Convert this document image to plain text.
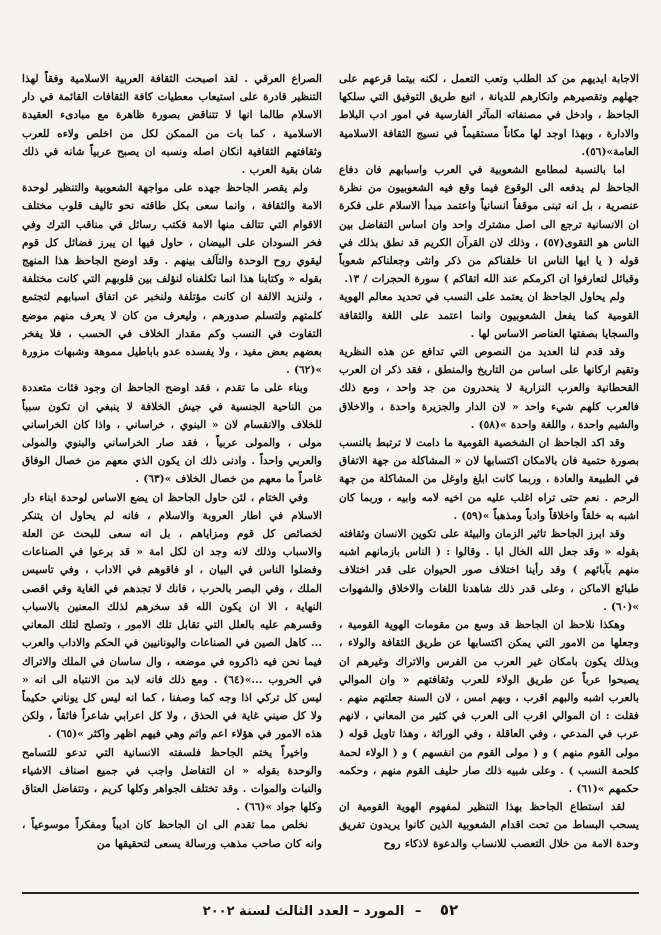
الاجابة ايديهم من كد الطلب وتعب التعمل ، لكنه بيتما قرعهم على جهلهم وتقصيرهم وانكارهم للديانة ، اتبع طريق التوفيق التي سلكها الجاحظ ، وادخل في مصنفاته المآثر الفارسية في امور ادب البلاط والادارة ، وبهذا اوجد لها مكاناً مستقيماً في نسيج الثقافة الاسلامية العامة»(٥٦).

اما بالنسبة لمطامع الشعوبية في العرب واسبابهم فان دفاع الجاحظ لم يدفعه الى الوقوع فيما وقع فيه الشعوبيون من نظرة عنصرية ، بل انه تبنى موقفاً انسانياً واعتمد مبدأ الاسلام على فكرة ان الانسانية ترجع الى اصل مشترك واحد وان اساس التفاضل بين الناس هو التقوى(٥٧) ، وذلك لان القرآن الكريم قد نطق بذلك في قوله ( يا ايها الناس انا خلقناكم من ذكر وانثى وجعلناكم شعوباً وقبائل لتعارفوا ان اكرمكم عند الله اتقاكم ) سورة الحجرات / ١٣.

ولم يحاول الجاحظ ان يعتمد على النسب في تحديد معالم الهوية القومية كما يفعل الشعوبيون وانما اعتمد على اللغة والثقافة والسجايا بصفتها العناصر الاساس لها .

وقد قدم لنا العديد من النصوص التي تدافع عن هذه النظرية وتقيم اركانها على اساس من التاريخ والمنطق ، فقد ذكر ان العرب القحطانية والعرب النزارية لا ينحدرون من جد واحد ، ومع ذلك فالعرب كلهم شيء واحد « لان الدار والجزيرة واحدة ، والاخلاق والشيم واحدة ، واللغة واحدة »(٥٨) .

وقد اكد الجاحظ ان الشخصية القومية ما دامت لا ترتبط بالنسب بصورة حتمية فان بالامكان اكتسابها لان « المشاكلة من جهة الاتفاق في الطبيعة والعادة ، وربما كانت ابلغ واوغل من المشاكلة من جهة الرحم . نعم حتى تراه اغلب عليه من اخيه لامه وابيه ، وربما كان اشبه به خلقاً واخلاقاً وادباً ومذهباً »(٥٩) .

وقد ابرز الجاحظ تاثير الزمان والبيئة على تكوين الانسان وثقافته بقوله « وقد جعل الله الخال ابا . وقالوا : ( الناس بازمانهم اشبه منهم بآبائهم ) وقد رأينا اختلاف صور الحيوان على قدر اختلاف طبائع الاماكن ، وعلى قدر ذلك شاهدنا اللغات والاخلاق والشهوات »(٦٠) .

وهكذا نلاحظ ان الجاحظ قد وسع من مقومات الهوية القومية ، وجعلها من الامور التي يمكن اكتسابها عن طريق الثقافة والولاء ، وبذلك يكون بامكان غير العرب من الفرس والاتراك وغيرهم ان يصبحوا عرباً عن طريق الولاء للعرب وثقافتهم « وان الموالي بالعرب اشبه والبهم اقرب ، وبهم امس ، لان السنة جعلتهم منهم . فقلت : ان الموالي اقرب الى العرب في كثير من المعاني ، لانهم عرب في المدعي ، وفي العاقلة ، وفي الوراثة ، وهذا تاويل قوله ( مولى القوم منهم ) و ( مولى القوم من انفسهم ) و ( الولاء لحمة كلحمة النسب ) . وعلى شبيه ذلك صار حليف القوم منهم ، وحكمه حكمهم »(٦١) .

لقد استطاع الجاحظ بهذا التنظير لمفهوم الهوية القومية ان يسحب البساط من تحت اقدام الشعوبية الذين كانوا يريدون تفريق وحدة الامة من خلال التعصب للانساب والدعوة لاذكاء روح

الصراع العرقي . لقد اصبحت الثقافة العربية الاسلامية وفقاً لهذا التنظير قادرة على استيعاب معطيات كافة الثقافات القائمة في دار الاسلام طالما انها لا تتناقض بصورة ظاهرة مع مبادىء العقيدة الاسلامية ، كما بات من الممكن لكل من اخلص ولاءه للعرب وثقافتهم الثقافية انكان اصله ونسبه ان يصبح عربياً شانه في ذلك شان بقية العرب .

ولم يقصر الجاحظ جهده على مواجهة الشعوبية والتنظير لوحدة الامة والثقافة ، وانما سعى بكل طاقته نحو تاليف قلوب مختلف الاقوام التي تتالف منها الامة فكتب رسائل في مناقب الترك وفي فخر السودان على البيضان ، حاول فيها ان يبرز فضائل كل قوم ليقوي روح الوحدة والتآلف بينهم . وقد اوضح الجاحظ هذا المنهج بقوله « وكتابنا هذا انما تكلفناه لنؤلف بين قلوبهم التي كانت مختلفة ، ولنزيد الالفة ان كانت مؤتلفة ولنخبر عن اتفاق اسبابهم لتجتمع كلمتهم ولتسلم صدورهم ، وليعرف من كان لا يعرف منهم موضع التفاوت في النسب وكم مقدار الخلاف في الحسب ، فلا يفخر بعضهم بعض مفيد ، ولا يفسده عدو باباطيل مموهة وشبهات مزورة »(٦٢) .

وبناء على ما تقدم ، فقد اوضح الجاحظ ان وجود فئات متعددة من الناحية الجنسية في جيش الخلافة لا ينبغي ان تكون سبباً للخلاف والانقسام لان « البنوي ، خراساني ، واذا كان الخراساني مولى ، والمولى عربياً ، فقد صار الخراساني والبنوي والمولى والعربي واحداً . وادنى ذلك ان يكون الذي معهم من خصال الوفاق غامراً ما معهم من خصال الخلاف »(٦٣) .

وفي الختام ، لئن حاول الجاحظ ان يضع الاساس لوحدة ابناء دار الاسلام في اطار العروبة والاسلام ، فانه لم يحاول ان يتنكر لخصائص كل قوم ومزاياهم ، بل انه سعى للبحث عن العلة والاسباب وذلك لانه وجد ان لكل امة « قد برعوا في الصناعات وفضلوا الناس في البيان ، او فاقوهم في الاداب ، وفي تاسيس الملك ، وفي البصر بالحرب ، فانك لا تجدهم في الغاية وفي اقصى النهاية ، الا ان يكون الله قد سخرهم لذلك المعنين بالاسباب وقسرهم عليه بالعلل التي تقابل تلك الامور ، وتصلح لتلك المعاني ... كاهل الصين في الصناعات واليونانيين في الحكم والاداب والعرب فيما نحن فيه ذاكروه في موضعه ، وال ساسان في الملك والاتراك في الحروب ...»(٦٤) . ومع ذلك فانه لابد من الانتباه الى انه « ليس كل تركي اذا وجه كما وصفنا ، كما انه ليس كل يوناني حكيماً ولا كل صيني غاية في الحذق ، ولا كل اعرابي شاعراً فائقاً ، ولكن هذه الامور في هؤلاء اعم واتم وهي فيهم اظهر واكثر »(٦٥) .

واخيراً يختم الجاحظ فلسفته الانسانية التي تدعو للتسامح والوحدة بقوله « ان التفاضل واجب في جميع اصناف الاشياء والنبات والموات . وقد تختلف الجواهر وكلها كريم ، وتتفاضل العتاق وكلها جواد »(٦٦) .

نخلص مما تقدم الى ان الجاحظ كان اديباً ومفكراً موسوعياً ، وانه كان صاحب مذهب ورسالة يسعى لتحقيقها من

٥٢ – المورد – العدد الثالث لسنة ٢٠٠٢
